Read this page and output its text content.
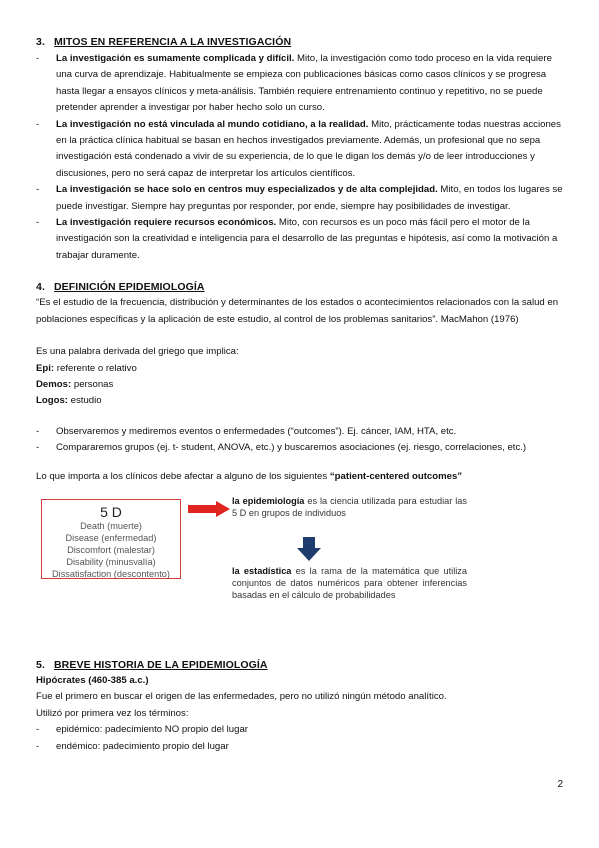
3. MITOS EN REFERENCIA A LA INVESTIGACIÓN
- La investigación es sumamente complicada y difícil. Mito, la investigación como todo proceso en la vida requiere una curva de aprendizaje. Habitualmente se empieza con publicaciones básicas como casos clínicos y se progresa hasta llegar a ensayos clínicos y meta-análisis. También requiere entrenamiento continuo y repetitivo, no se puede pretender aprender a investigar por haber hecho solo un curso.
- La investigación no está vinculada al mundo cotidiano, a la realidad. Mito, prácticamente todas nuestras acciones en la práctica clínica habitual se basan en hechos investigados previamente. Además, un profesional que no sepa investigación está condenado a vivir de su experiencia, de lo que le digan los demás y/o de leer introducciones y discusiones, pero no será capaz de interpretar los artículos científicos.
- La investigación se hace solo en centros muy especializados y de alta complejidad. Mito, en todos los lugares se puede investigar. Siempre hay preguntas por responder, por ende, siempre hay posibilidades de investigar.
- La investigación requiere recursos económicos. Mito, con recursos es un poco más fácil pero el motor de la investigación son la creatividad e inteligencia para el desarrollo de las preguntas e hipótesis, así como la motivación a trabajar duramente.
4. DEFINICIÓN EPIDEMIOLOGÍA

“Es el estudio de la frecuencia, distribución y determinantes de los estados o acontecimientos relacionados con la salud en poblaciones específicas y la aplicación de este estudio, al control de los problemas sanitarios”. MacMahon (1976)

Es una palabra derivada del griego que implica:

Epi: referente o relativo

Demos: personas

Logos: estudio

- Observaremos y mediremos eventos o enfermedades (“outcomes”). Ej. cáncer, IAM, HTA, etc.
- Compararemos grupos (ej. t- student, ANOVA, etc.) y buscaremos asociaciones (ej. riesgo, correlaciones, etc.)

Lo que importa a los clínicos debe afectar a alguno de los siguientes “patient-centered outcomes”

5 D
Death (muerte)
Disease (enfermedad)
Discomfort (malestar)
Disability (minusvalía)
Dissatisfaction (descontento)
la epidemiología es la ciencia utilizada para estudiar las 5 D en grupos de individuos
la estadística es la rama de la matemática que utiliza conjuntos de datos numéricos para obtener inferencias basadas en el cálculo de probabilidades
5. BREVE HISTORIA DE LA EPIDEMIOLOGÍA

Hipócrates (460-385 a.c.)

Fue el primero en buscar el origen de las enfermedades, pero no utilizó ningún método analítico.

Utilizó por primera vez los términos:

- epidémico: padecimiento NO propio del lugar
- endémico: padecimiento propio del lugar
2
